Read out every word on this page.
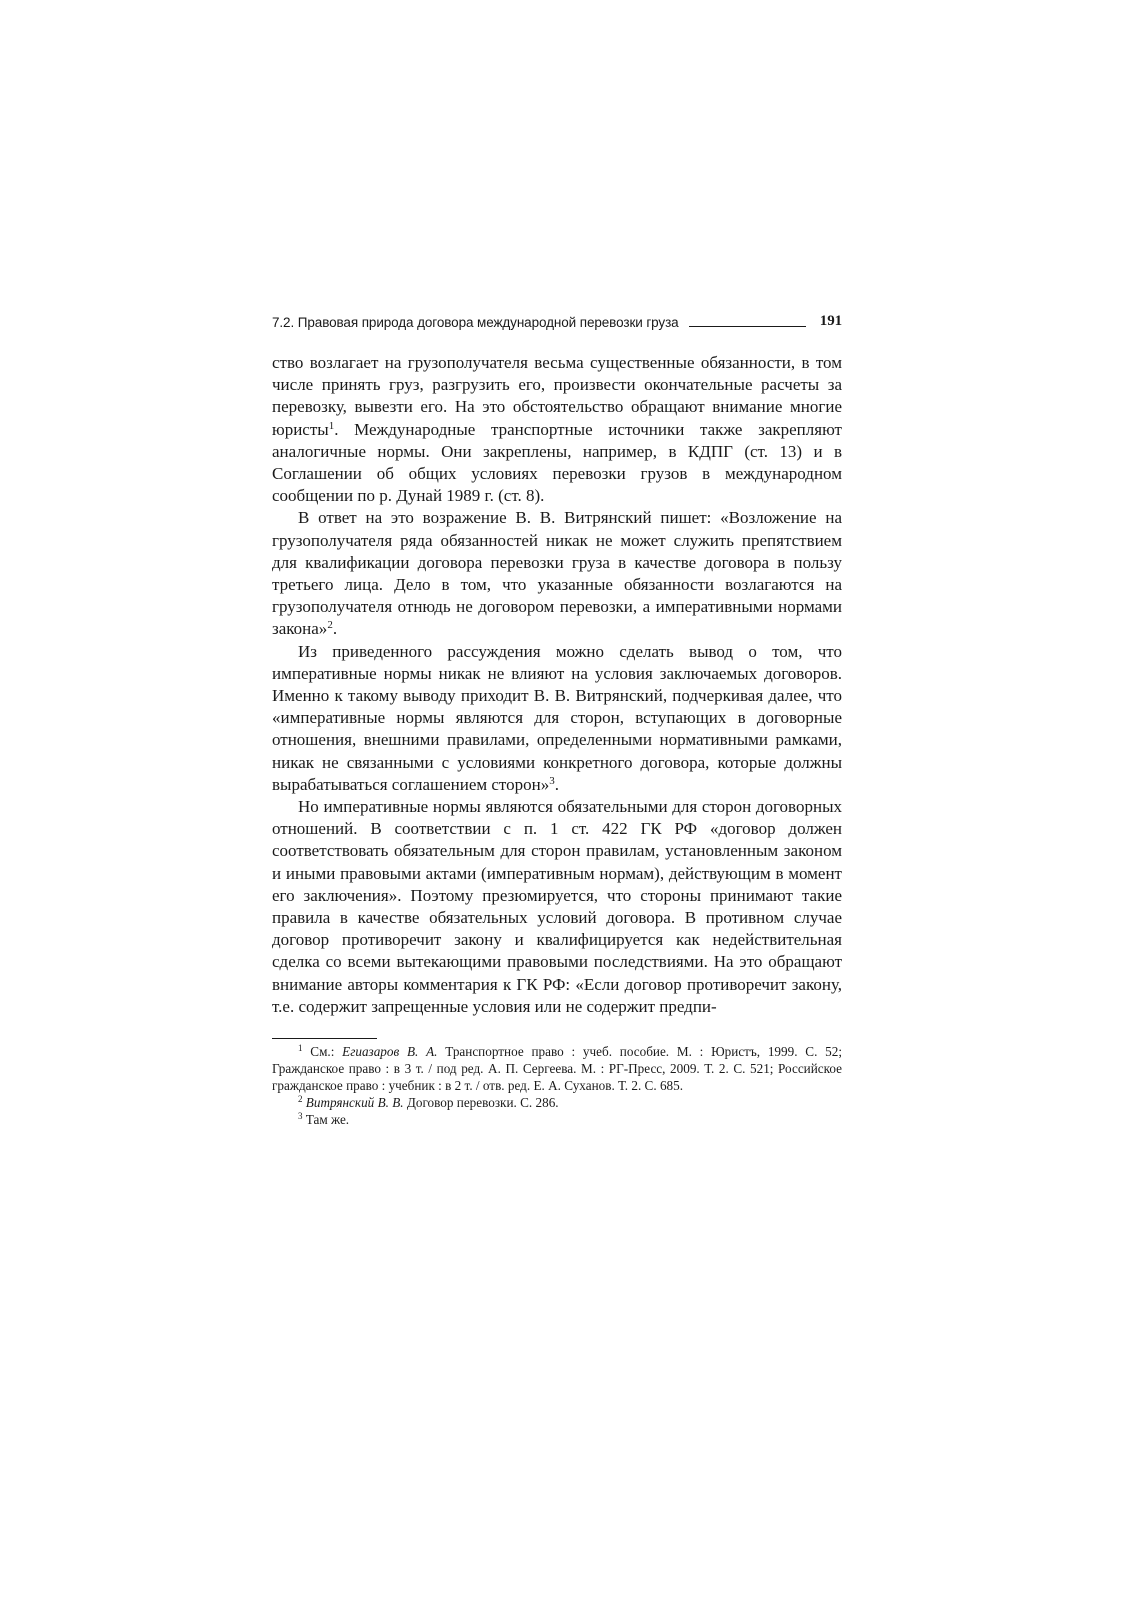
7.2. Правовая природа договора международной перевозки груза	191

ство возлагает на грузополучателя весьма существенные обязанности, в том числе принять груз, разгрузить его, произвести окончательные расчеты за перевозку, вывезти его. На это обстоятельство обращают внимание многие юристы$^1$. Международные транспортные источники также закрепляют аналогичные нормы. Они закреплены, например, в КДПГ (ст. 13) и в Соглашении об общих условиях перевозки грузов в международном сообщении по р. Дунай 1989 г. (ст. 8).

В ответ на это возражение В. В. Витрянский пишет: «Возложение на грузополучателя ряда обязанностей никак не может служить препятствием для квалификации договора перевозки груза в качестве договора в пользу третьего лица. Дело в том, что указанные обязанности возлагаются на грузополучателя отнюдь не договором перевозки, а императивными нормами закона»$^2$.

Из приведенного рассуждения можно сделать вывод о том, что императивные нормы никак не влияют на условия заключаемых договоров. Именно к такому выводу приходит В. В. Витрянский, подчеркивая далее, что «императивные нормы являются для сторон, вступающих в договорные отношения, внешними правилами, определенными нормативными рамками, никак не связанными с условиями конкретного договора, которые должны вырабатываться соглашением сторон»$^3$.

Но императивные нормы являются обязательными для сторон договорных отношений. В соответствии с п. 1 ст. 422 ГК РФ «договор должен соответствовать обязательным для сторон правилам, установленным законом и иными правовыми актами (императивным нормам), действующим в момент его заключения». Поэтому презюмируется, что стороны принимают такие правила в качестве обязательных условий договора. В противном случае договор противоречит закону и квалифицируется как недействительная сделка со всеми вытекающими правовыми последствиями. На это обращают внимание авторы комментария к ГК РФ: «Если договор противоречит закону, т.е. содержит запрещенные условия или не содержит предпи-

$^1$ См.: Егиазаров В. А. Транспортное право : учеб. пособие. М. : Юристъ, 1999. С. 52; Гражданское право : в 3 т. / под ред. А. П. Сергеева. М. : РГ-Пресс, 2009. Т. 2. С. 521; Российское гражданское право : учебник : в 2 т. / отв. ред. Е. А. Суханов. Т. 2. С. 685.

$^2$ Витрянский В. В. Договор перевозки. С. 286.

$^3$ Там же.
